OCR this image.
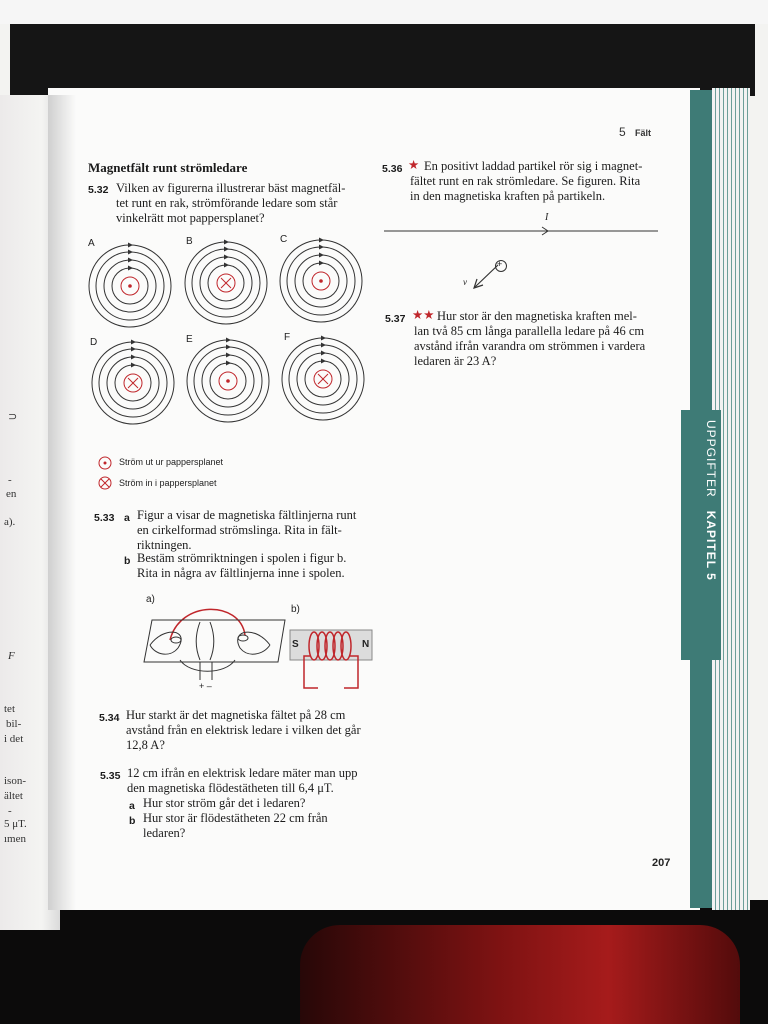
UPPGIFTER   KAPITEL 5
⊃
-
en
a).
F
tet
bil-
i det
ison-
ältet
-
5 μT.
ımen
5 Fält
Magnetfält runt strömledare
5.32 Vilken av figurerna illustrerar bäst magnetfäl-
tet runt en rak, strömförande ledare som står
vinkelrätt mot pappersplanet?
A	B	C
D	E	F
Ström ut ur pappersplanet
Ström in i pappersplanet
5.33 a Figur a visar de magnetiska fältlinjerna runt
en cirkelformad strömslinga. Rita in fält-
riktningen.
b Bestäm strömriktningen i spolen i figur b.
Rita in några av fältlinjerna inne i spolen.
a)
b)
+ –
S	N
5.34 Hur starkt är det magnetiska fältet på 28 cm
avstånd från en elektrisk ledare i vilken det går
12,8 A?
5.35 12 cm ifrån en elektrisk ledare mäter man upp
den magnetiska flödestätheten till 6,4 μT.
a Hur stor ström går det i ledaren?
b Hur stor är flödestätheten 22 cm från
ledaren?
5.36 ★ En positivt laddad partikel rör sig i magnet-
fältet runt en rak strömledare. Se figuren. Rita
in den magnetiska kraften på partikeln.
I
v
+
5.37 ★★ Hur stor är den magnetiska kraften mel-
lan två 85 cm långa parallella ledare på 46 cm
avstånd ifrån varandra om strömmen i vardera
ledaren är 23 A?
207
